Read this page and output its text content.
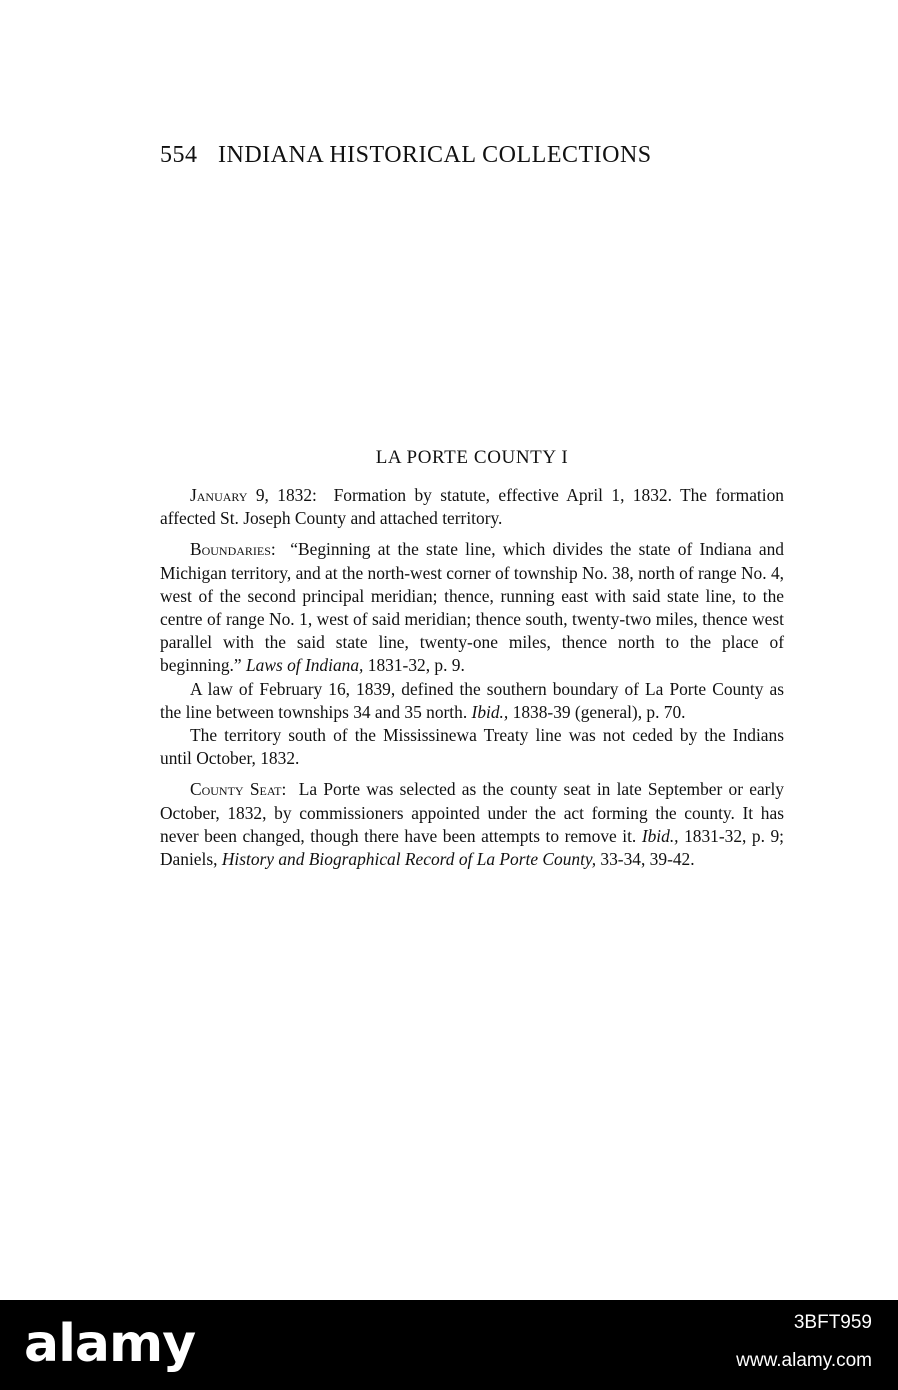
554 INDIANA HISTORICAL COLLECTIONS
LA PORTE COUNTY I

January 9, 1832: Formation by statute, effective April 1, 1832. The formation affected St. Joseph County and attached territory.

Boundaries: “Beginning at the state line, which divides the state of Indiana and Michigan territory, and at the north-west corner of township No. 38, north of range No. 4, west of the second principal meridian; thence, running east with said state line, to the centre of range No. 1, west of said meridian; thence south, twenty-two miles, thence west parallel with the said state line, twenty-one miles, thence north to the place of beginning.” Laws of Indiana, 1831-32, p. 9.

A law of February 16, 1839, defined the southern boundary of La Porte County as the line between townships 34 and 35 north. Ibid., 1838-39 (general), p. 70.

The territory south of the Mississinewa Treaty line was not ceded by the Indians until October, 1832.

County Seat: La Porte was selected as the county seat in late September or early October, 1832, by commissioners appointed under the act forming the county. It has never been changed, though there have been attempts to remove it. Ibid., 1831-32, p. 9; Daniels, History and Biographical Record of La Porte County, 33-34, 39-42.

alamy	3BFT959
www.alamy.com
